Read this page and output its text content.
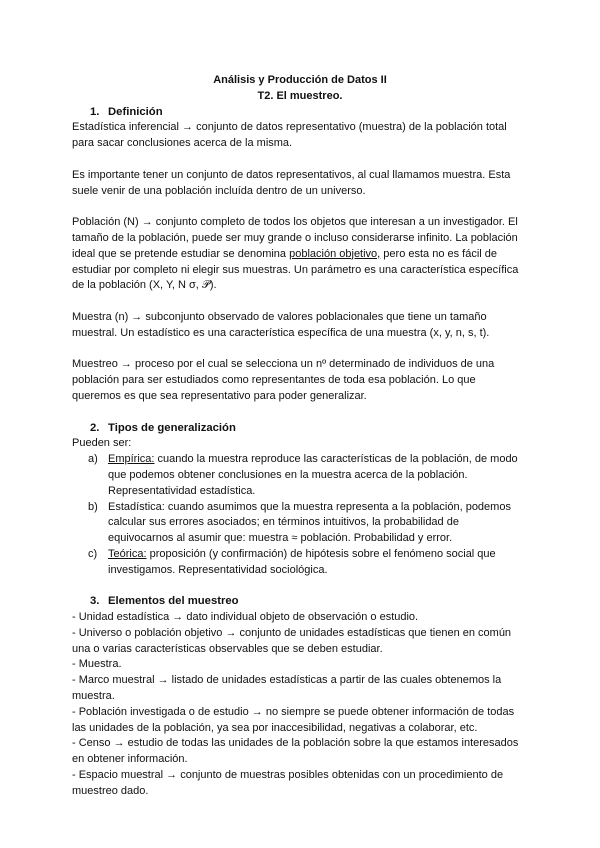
Análisis y Producción de Datos II
T2. El muestreo.
1. Definición
Estadística inferencial → conjunto de datos representativo (muestra) de la población total
para sacar conclusiones acerca de la misma.
Es importante tener un conjunto de datos representativos, al cual llamamos muestra. Esta
suele venir de una población incluída dentro de un universo.
Población (N) → conjunto completo de todos los objetos que interesan a un investigador. El
tamaño de la población, puede ser muy grande o incluso considerarse infinito. La población
ideal que se pretende estudiar se denomina población objetivo, pero esta no es fácil de
estudiar por completo ni elegir sus muestras. Un parámetro es una característica específica
de la población (X, Y, N σ, 𝒫).
Muestra (n) → subconjunto observado de valores poblacionales que tiene un tamaño
muestral. Un estadístico es una característica específica de una muestra (x, y, n, s, t).
Muestreo → proceso por el cual se selecciona un nº determinado de individuos de una
población para ser estudiados como representantes de toda esa población. Lo que
queremos es que sea representativo para poder generalizar.
2. Tipos de generalización
Pueden ser:
a) Empírica: cuando la muestra reproduce las características de la población, de modo
que podemos obtener conclusiones en la muestra acerca de la población.
Representatividad estadística.
b) Estadística: cuando asumimos que la muestra representa a la población, podemos
calcular sus errores asociados; en términos intuitivos, la probabilidad de
equivocarnos al asumir que: muestra ≈ población. Probabilidad y error.
c) Teórica: proposición (y confirmación) de hipótesis sobre el fenómeno social que
investigamos. Representatividad sociológica.
3. Elementos del muestreo
- Unidad estadística → dato individual objeto de observación o estudio.
- Universo o población objetivo → conjunto de unidades estadísticas que tienen en común
una o varias características observables que se deben estudiar.
- Muestra.
- Marco muestral → listado de unidades estadísticas a partir de las cuales obtenemos la
muestra.
- Población investigada o de estudio → no siempre se puede obtener información de todas
las unidades de la población, ya sea por inaccesibilidad, negativas a colaborar, etc.
- Censo → estudio de todas las unidades de la población sobre la que estamos interesados
en obtener información.
- Espacio muestral → conjunto de muestras posibles obtenidas con un procedimiento de
muestreo dado.
